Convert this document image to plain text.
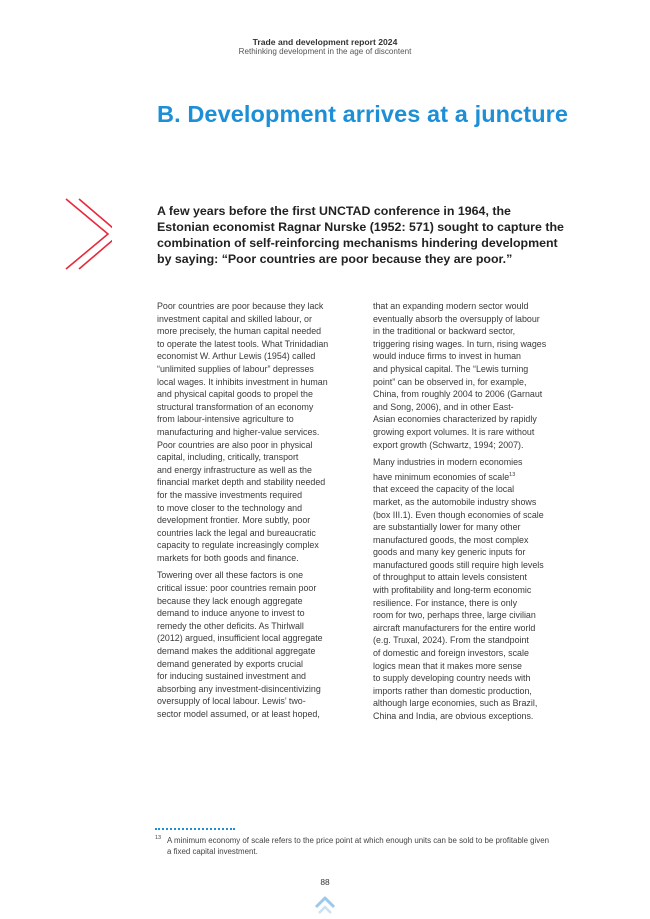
Trade and development report 2024
Rethinking development in the age of discontent
B. Development arrives at a juncture
A few years before the first UNCTAD conference in 1964, the
Estonian economist Ragnar Nurske (1952: 571) sought to capture the
combination of self-reinforcing mechanisms hindering development
by saying: “Poor countries are poor because they are poor.”

Poor countries are poor because they lack
investment capital and skilled labour, or
more precisely, the human capital needed
to operate the latest tools. What Trinidadian
economist W. Arthur Lewis (1954) called
“unlimited supplies of labour” depresses
local wages. It inhibits investment in human
and physical capital goods to propel the
structural transformation of an economy
from labour-intensive agriculture to
manufacturing and higher-value services.
Poor countries are also poor in physical
capital, including, critically, transport
and energy infrastructure as well as the
financial market depth and stability needed
for the massive investments required
to move closer to the technology and
development frontier. More subtly, poor
countries lack the legal and bureaucratic
capacity to regulate increasingly complex
markets for both goods and finance.

Towering over all these factors is one
critical issue: poor countries remain poor
because they lack enough aggregate
demand to induce anyone to invest to
remedy the other deficits. As Thirlwall
(2012) argued, insufficient local aggregate
demand makes the additional aggregate
demand generated by exports crucial
for inducing sustained investment and
absorbing any investment-disincentivizing
oversupply of local labour. Lewis’ two-
sector model assumed, or at least hoped,

that an expanding modern sector would
eventually absorb the oversupply of labour
in the traditional or backward sector,
triggering rising wages. In turn, rising wages
would induce firms to invest in human
and physical capital. The “Lewis turning
point” can be observed in, for example,
China, from roughly 2004 to 2006 (Garnaut
and Song, 2006), and in other East-
Asian economies characterized by rapidly
growing export volumes. It is rare without
export growth (Schwartz, 1994; 2007).

Many industries in modern economies
have minimum economies of scale$^{13}$
that exceed the capacity of the local
market, as the automobile industry shows
(box III.1). Even though economies of scale
are substantially lower for many other
manufactured goods, the most complex
goods and many key generic inputs for
manufactured goods still require high levels
of throughput to attain levels consistent
with profitability and long-term economic
resilience. For instance, there is only
room for two, perhaps three, large civilian
aircraft manufacturers for the entire world
(e.g. Truxal, 2024). From the standpoint
of domestic and foreign investors, scale
logics mean that it makes more sense
to supply developing country needs with
imports rather than domestic production,
although large economies, such as Brazil,
China and India, are obvious exceptions.

13 A minimum economy of scale refers to the price point at which enough units can be sold to be profitable given
a fixed capital investment.
88
